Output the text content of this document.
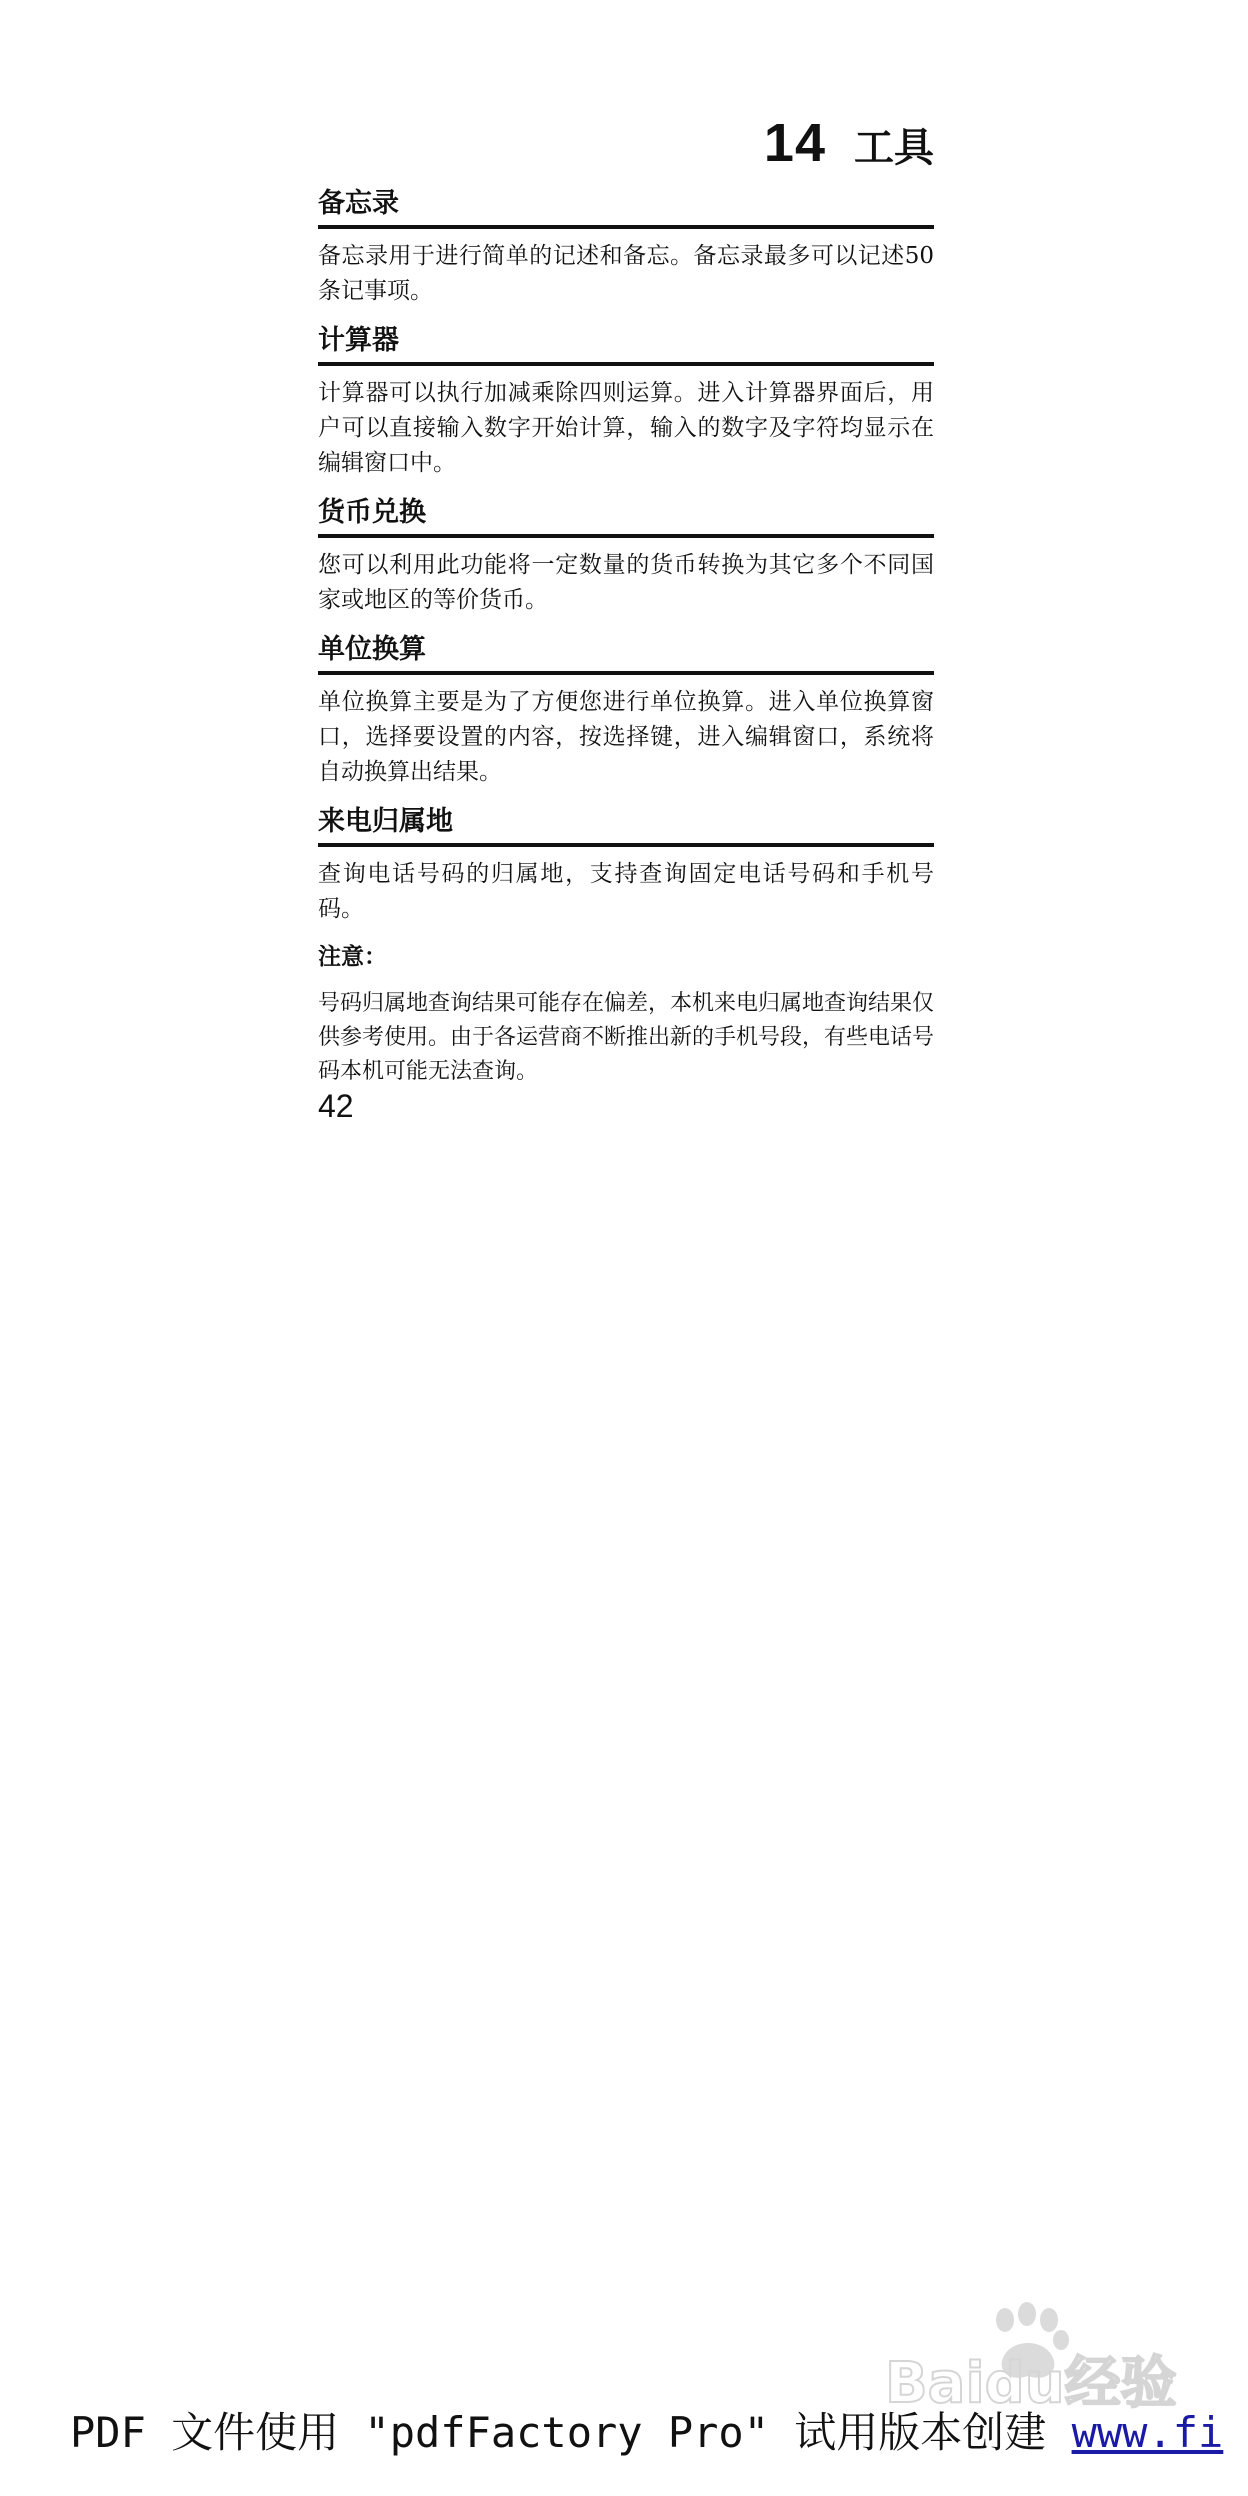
14 工具
备忘录
备忘录用于进行简单的记述和备忘。备忘录最多可以记述50条记事项。
计算器
计算器可以执行加减乘除四则运算。进入计算器界面后，用户可以直接输入数字开始计算，输入的数字及字符均显示在编辑窗口中。
货币兑换
您可以利用此功能将一定数量的货币转换为其它多个不同国家或地区的等价货币。
单位换算
单位换算主要是为了方便您进行单位换算。进入单位换算窗口，选择要设置的内容，按选择键，进入编辑窗口，系统将自动换算出结果。
来电归属地
查询电话号码的归属地，支持查询固定电话号码和手机号码。
注意：
号码归属地查询结果可能存在偏差，本机来电归属地查询结果仅供参考使用。由于各运营商不断推出新的手机号段，有些电话号码本机可能无法查询。
42
Baidu经验
PDF 文件使用 "pdfFactory Pro" 试用版本创建 www.fi
